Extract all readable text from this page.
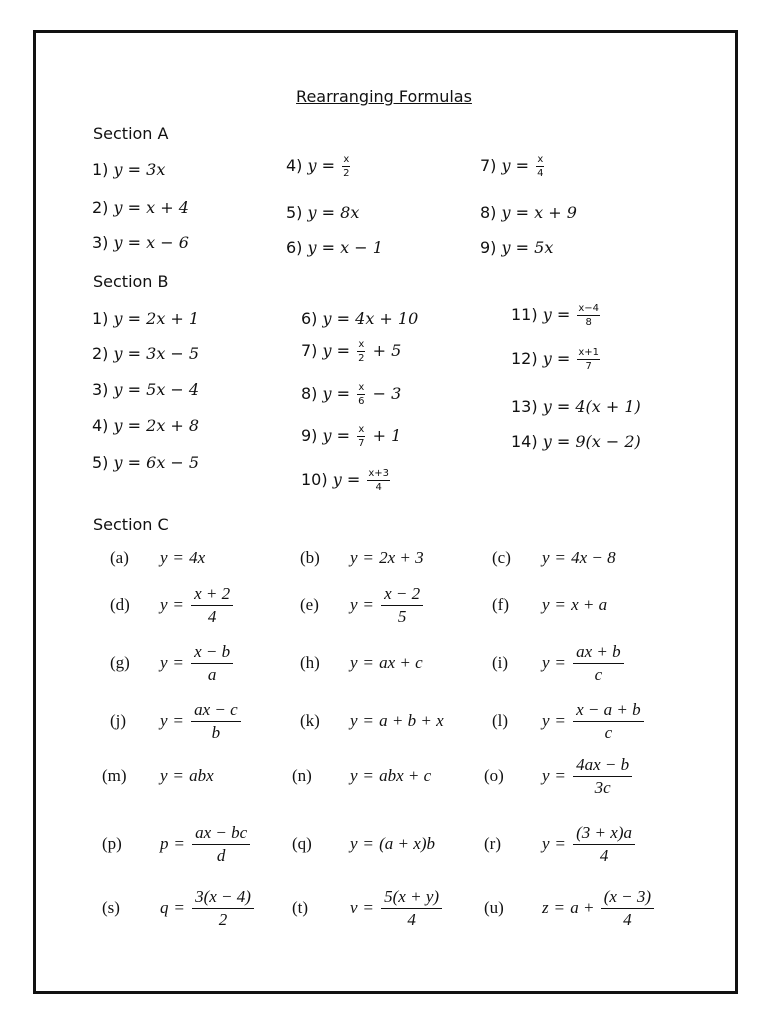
Rearranging Formulas
Section A
Section B
Section C
1) y = 3x
2) y = x + 4
3) y = x − 6
4) $y = \frac{x}{2}$
5) y = 8x
6) y = x − 1
7) $y = \frac{x}{4}$
8) y = x + 9
9) y = 5x
1) y = 2x + 1
2) y = 3x − 5
3) y = 5x − 4
4) y = 2x + 8
5) y = 6x − 5
6) y = 4x + 10
7) $y = \frac{x}{2} + 5$
8) $y = \frac{x}{6} - 3$
9) $y = \frac{x}{7} + 1$
10) $y = \frac{x+3}{4}$
11) $y = \frac{x-4}{8}$
12) $y = \frac{x+1}{7}$
13) y = 4(x + 1)
14) y = 9(x − 2)
(a) y = 4x	(b) y = 2x + 3	(c) y = 4x − 8
(d) $y = \frac{x + 2}{4}$	(e) $y = \frac{x - 2}{5}$	(f) y = x + a
(g) $y = \frac{x - b}{a}$	(h) y = ax + c	(i) $y = \frac{ax + b}{c}$
(j) $y = \frac{ax - c}{b}$	(k) y = a + b + x	(l) $y = \frac{x - a + b}{c}$
(m) y = abx	(n) y = abx + c	(o) $y = \frac{4ax - b}{3c}$
(p) $p = \frac{ax - bc}{d} (q) y = (a + x)b$	(r) $y = \frac{(3 + x)a}{4}$
(s) $q = \frac{3(x - 4)}{2} (t) v = \frac{5(x + y)}{4} (u) z = a + \frac{(x - 3)}{4}$
